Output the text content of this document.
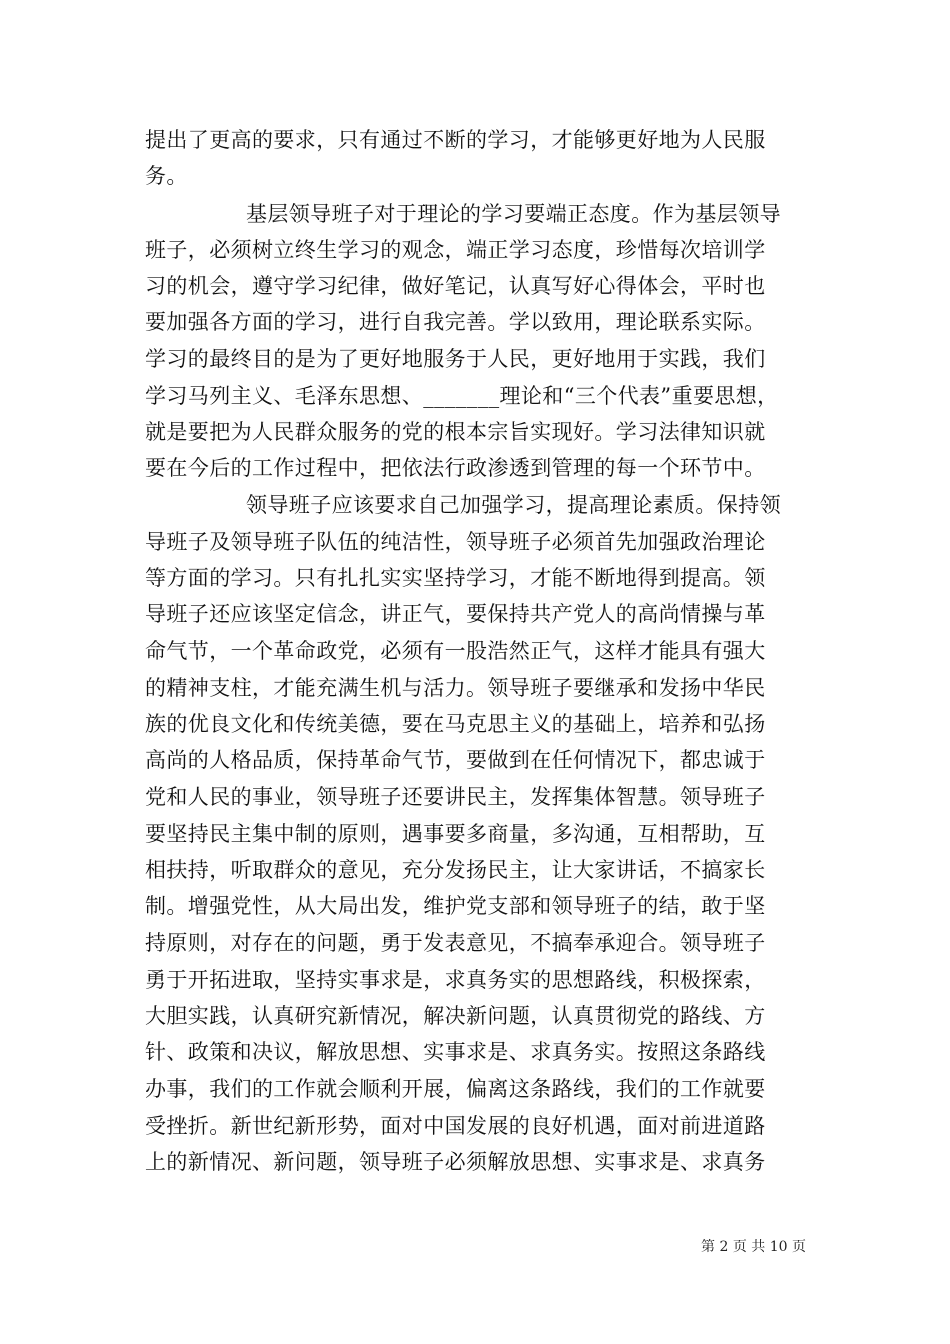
提出了更高的要求，只有通过不断的学习，才能够更好地为人民服
务。
基层领导班子对于理论的学习要端正态度。作为基层领导
班子，必须树立终生学习的观念，端正学习态度，珍惜每次培训学
习的机会，遵守学习纪律，做好笔记，认真写好心得体会，平时也
要加强各方面的学习，进行自我完善。学以致用，理论联系实际。
学习的最终目的是为了更好地服务于人民，更好地用于实践，我们
学习马列主义、毛泽东思想、_______理论和“三个代表”重要思想，
就是要把为人民群众服务的党的根本宗旨实现好。学习法律知识就
要在今后的工作过程中，把依法行政渗透到管理的每一个环节中。
领导班子应该要求自己加强学习，提高理论素质。保持领
导班子及领导班子队伍的纯洁性，领导班子必须首先加强政治理论
等方面的学习。只有扎扎实实坚持学习，才能不断地得到提高。领
导班子还应该坚定信念，讲正气，要保持共产党人的高尚情操与革
命气节，一个革命政党，必须有一股浩然正气，这样才能具有强大
的精神支柱，才能充满生机与活力。领导班子要继承和发扬中华民
族的优良文化和传统美德，要在马克思主义的基础上，培养和弘扬
高尚的人格品质，保持革命气节，要做到在任何情况下，都忠诚于
党和人民的事业，领导班子还要讲民主，发挥集体智慧。领导班子
要坚持民主集中制的原则，遇事要多商量，多沟通，互相帮助，互
相扶持，听取群众的意见，充分发扬民主，让大家讲话，不搞家长
制。增强党性，从大局出发，维护党支部和领导班子的结，敢于坚
持原则，对存在的问题，勇于发表意见，不搞奉承迎合。领导班子
勇于开拓进取，坚持实事求是，求真务实的思想路线，积极探索，
大胆实践，认真研究新情况，解决新问题，认真贯彻党的路线、方
针、政策和决议，解放思想、实事求是、求真务实。按照这条路线
办事，我们的工作就会顺利开展，偏离这条路线，我们的工作就要
受挫折。新世纪新形势，面对中国发展的良好机遇，面对前进道路
上的新情况、新问题，领导班子必须解放思想、实事求是、求真务
第 2 页 共 10 页
